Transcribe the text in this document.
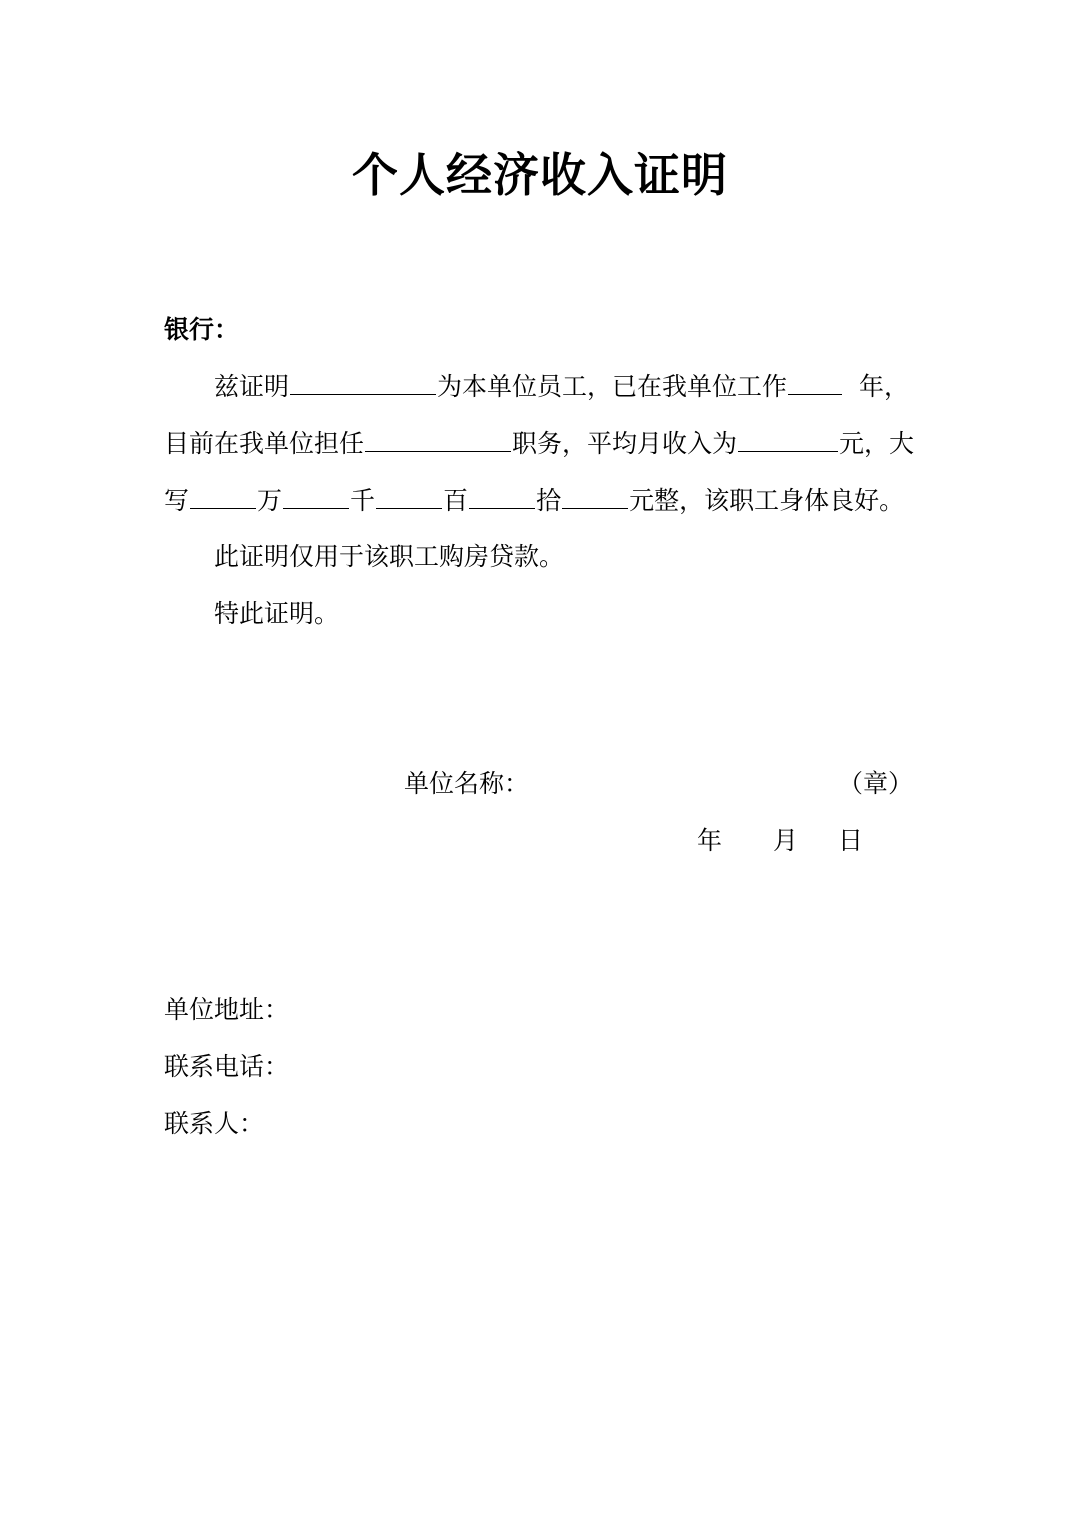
个人经济收入证明
银行：
兹证明	为本单位员工，已在我单位工作	年，
目前在我单位担任	职务，平均月收入为	元，大
写	万	千	百	拾	元整，该职工身体良好。
此证明仅用于该职工购房贷款。
特此证明。
单位名称：	（章）
年 月 日
单位地址：
联系电话：
联系人：
